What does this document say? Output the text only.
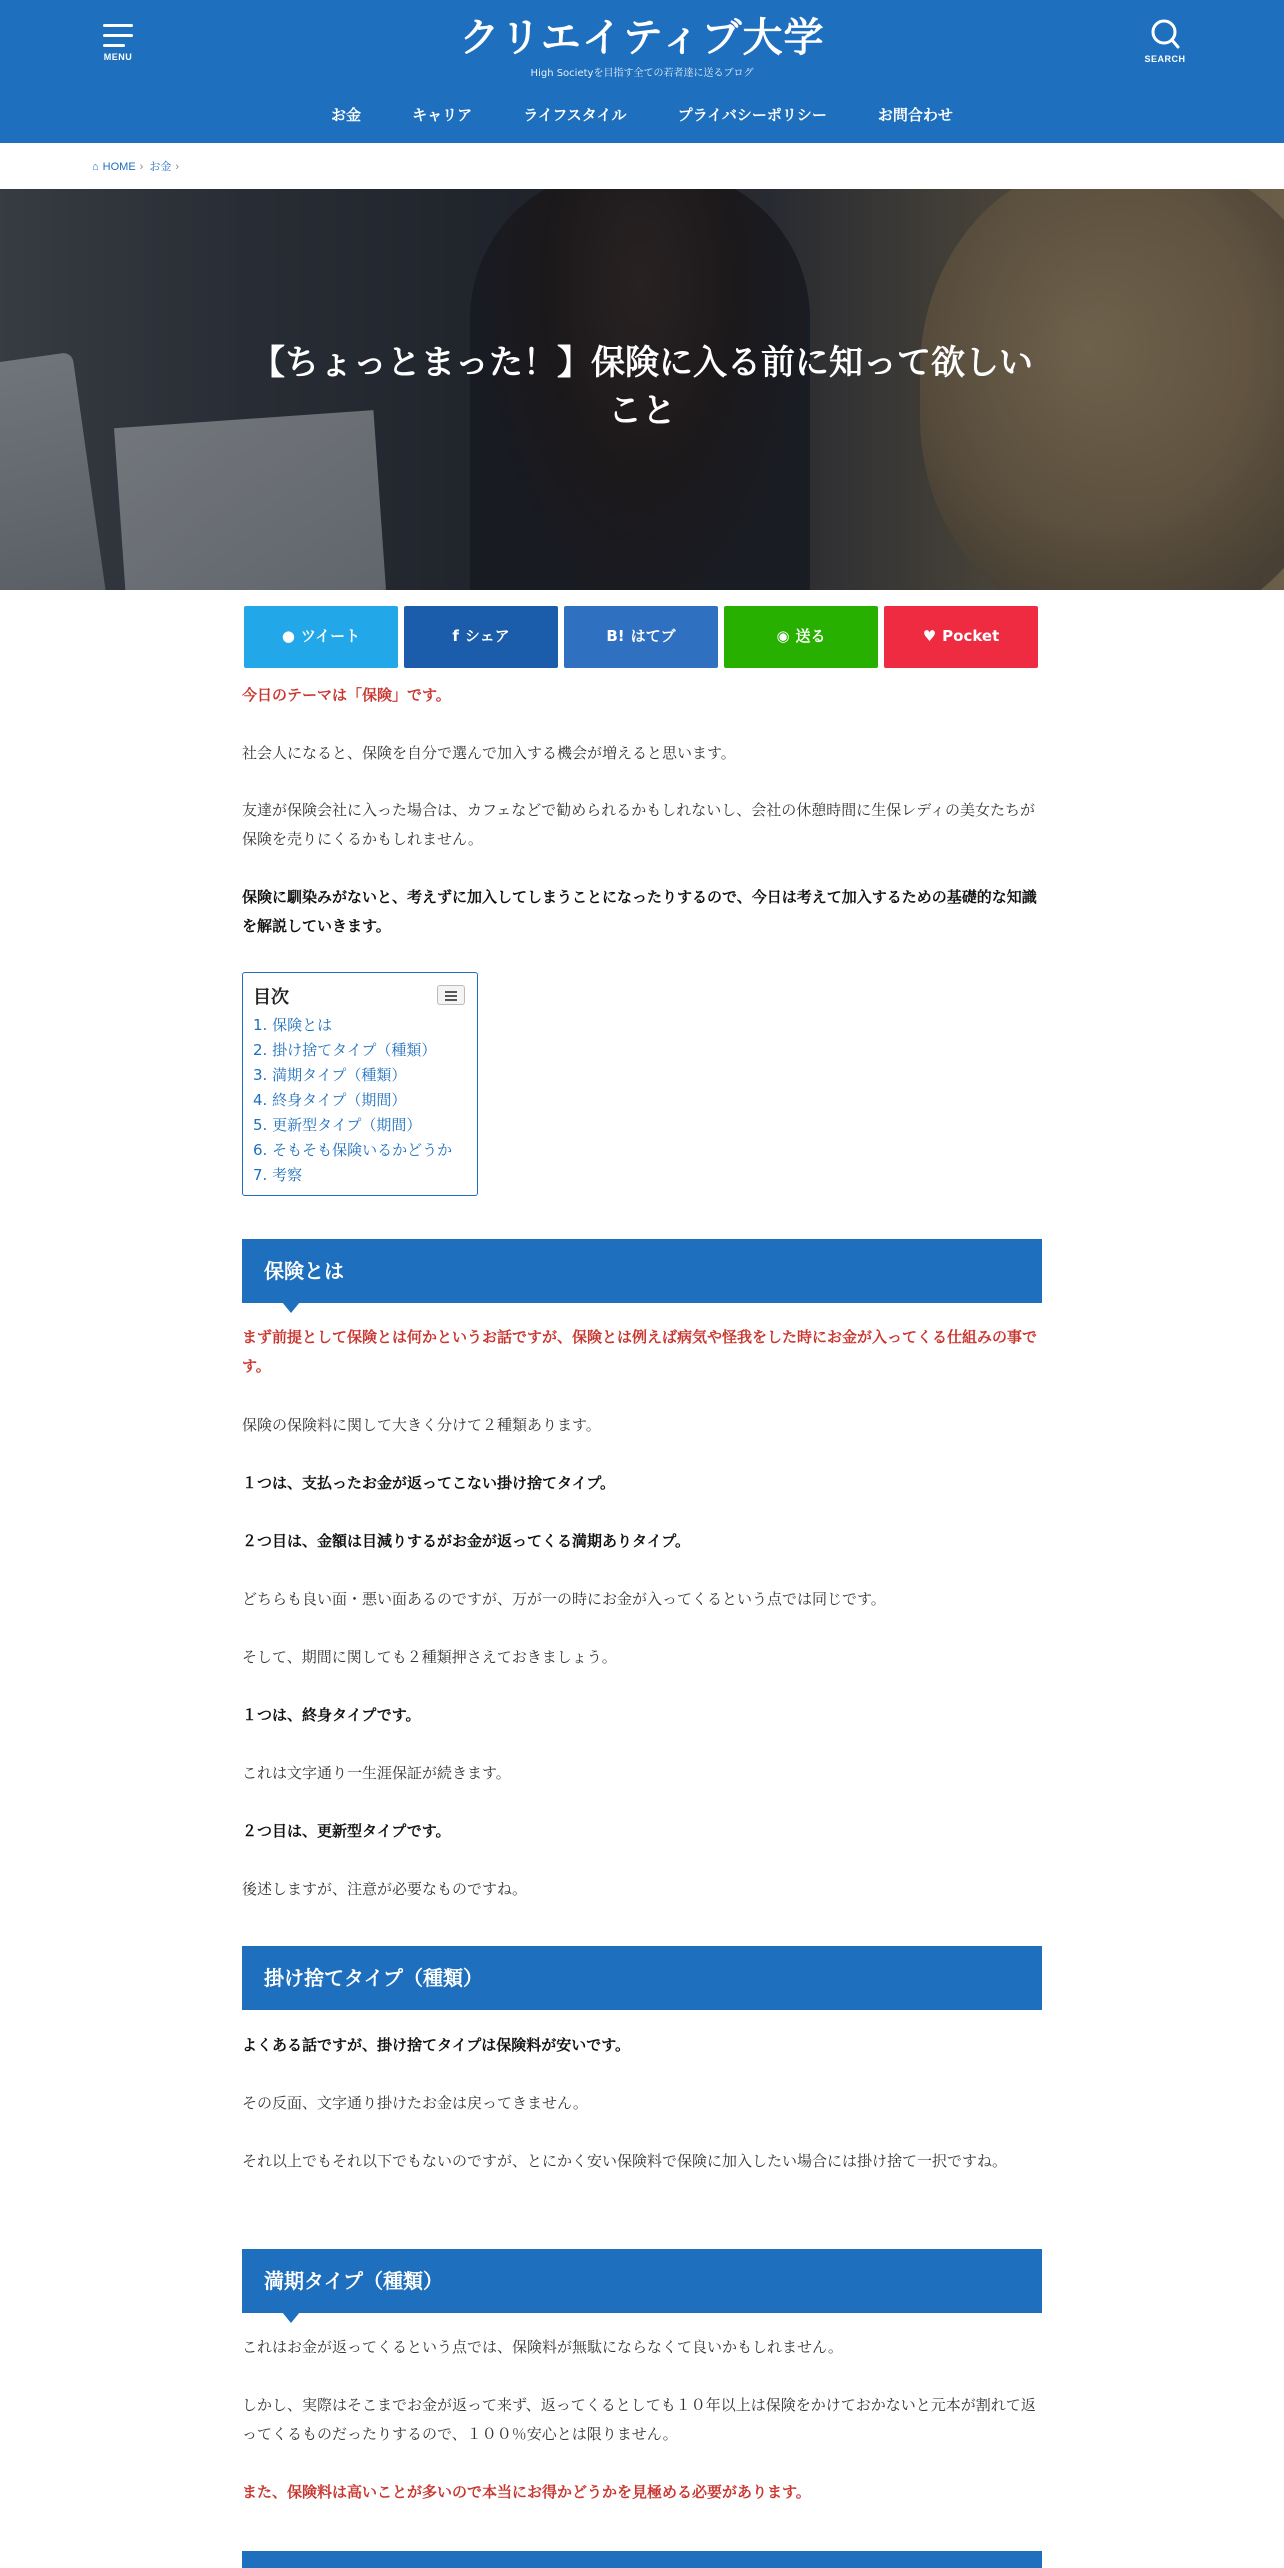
MENU	クリエイティブ大学
High Societyを目指す全ての若者達に送るブログ
SEARCH
お金	キャリア	ライフスタイル	プライバシーポリシー	お問合わせ
⌂ HOME › お金 ›
【ちょっとまった！】保険に入る前に知って欲しいこと
● ツイート	f シェア	B! はてブ	◉ 送る	♥ Pocket

今日のテーマは「保険」です。

社会人になると、保険を自分で選んで加入する機会が増えると思います。

友達が保険会社に入った場合は、カフェなどで勧められるかもしれないし、会社の休憩時間に生保レディの美女たちが保険を売りにくるかもしれません。

保険に馴染みがないと、考えずに加入してしまうことになったりするので、今日は考えて加入するための基礎的な知識を解説していきます。

目次
1. 保険とは
2. 掛け捨てタイプ（種類）
3. 満期タイプ（種類）
4. 終身タイプ（期間）
5. 更新型タイプ（期間）
6. そもそも保険いるかどうか
7. 考察
保険とは

まず前提として保険とは何かというお話ですが、保険とは例えば病気や怪我をした時にお金が入ってくる仕組みの事です。

保険の保険料に関して大きく分けて２種類あります。

１つは、支払ったお金が返ってこない掛け捨てタイプ。

２つ目は、金額は目減りするがお金が返ってくる満期ありタイプ。

どちらも良い面・悪い面あるのですが、万が一の時にお金が入ってくるという点では同じです。

そして、期間に関しても２種類押さえておきましょう。

１つは、終身タイプです。

これは文字通り一生涯保証が続きます。

２つ目は、更新型タイプです。

後述しますが、注意が必要なものですね。

掛け捨てタイプ（種類）

よくある話ですが、掛け捨てタイプは保険料が安いです。

その反面、文字通り掛けたお金は戻ってきません。

それ以上でもそれ以下でもないのですが、とにかく安い保険料で保険に加入したい場合には掛け捨て一択ですね。

満期タイプ（種類）

これはお金が返ってくるという点では、保険料が無駄にならなくて良いかもしれません。

しかし、実際はそこまでお金が返って来ず、返ってくるとしても１０年以上は保険をかけておかないと元本が割れて返ってくるものだったりするので、１００％安心とは限りません。

また、保険料は高いことが多いので本当にお得かどうかを見極める必要があります。
